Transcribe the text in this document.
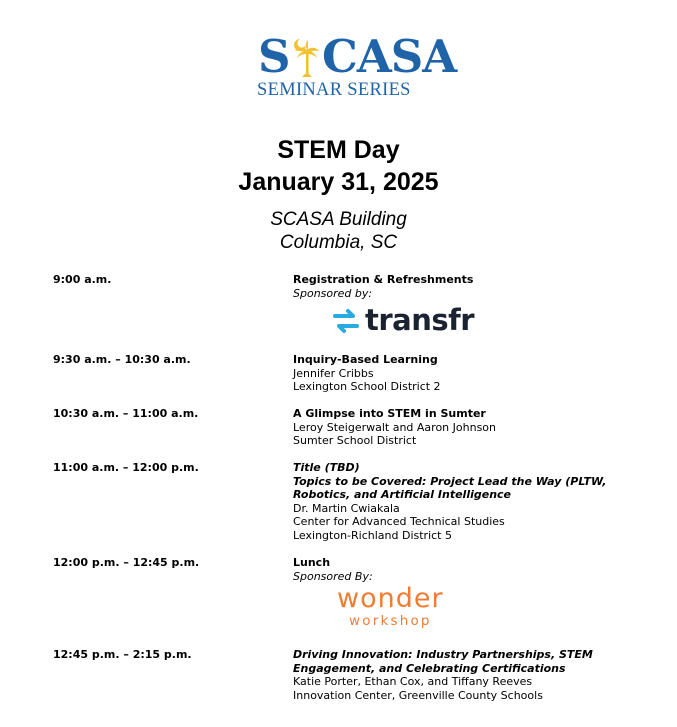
S CASA
SEMINAR SERIES
STEM Day
January 31, 2025
SCASA Building
Columbia, SC
9:00 a.m.	Registration & Refreshments
Sponsored by:
transfr
9:30 a.m. – 10:30 a.m.	Inquiry-Based Learning
Jennifer Cribbs
Lexington School District 2
10:30 a.m. – 11:00 a.m.	A Glimpse into STEM in Sumter
Leroy Steigerwalt and Aaron Johnson
Sumter School District
11:00 a.m. – 12:00 p.m.	Title (TBD)
Topics to be Covered: Project Lead the Way (PLTW, Robotics, and Artificial Intelligence
Dr. Martin Cwiakala
Center for Advanced Technical Studies
Lexington-Richland District 5
12:00 p.m. – 12:45 p.m.	Lunch
Sponsored By:
wonder
workshop
12:45 p.m. – 2:15 p.m.	Driving Innovation: Industry Partnerships, STEM Engagement, and Celebrating Certifications
Katie Porter, Ethan Cox, and Tiffany Reeves
Innovation Center, Greenville County Schools
